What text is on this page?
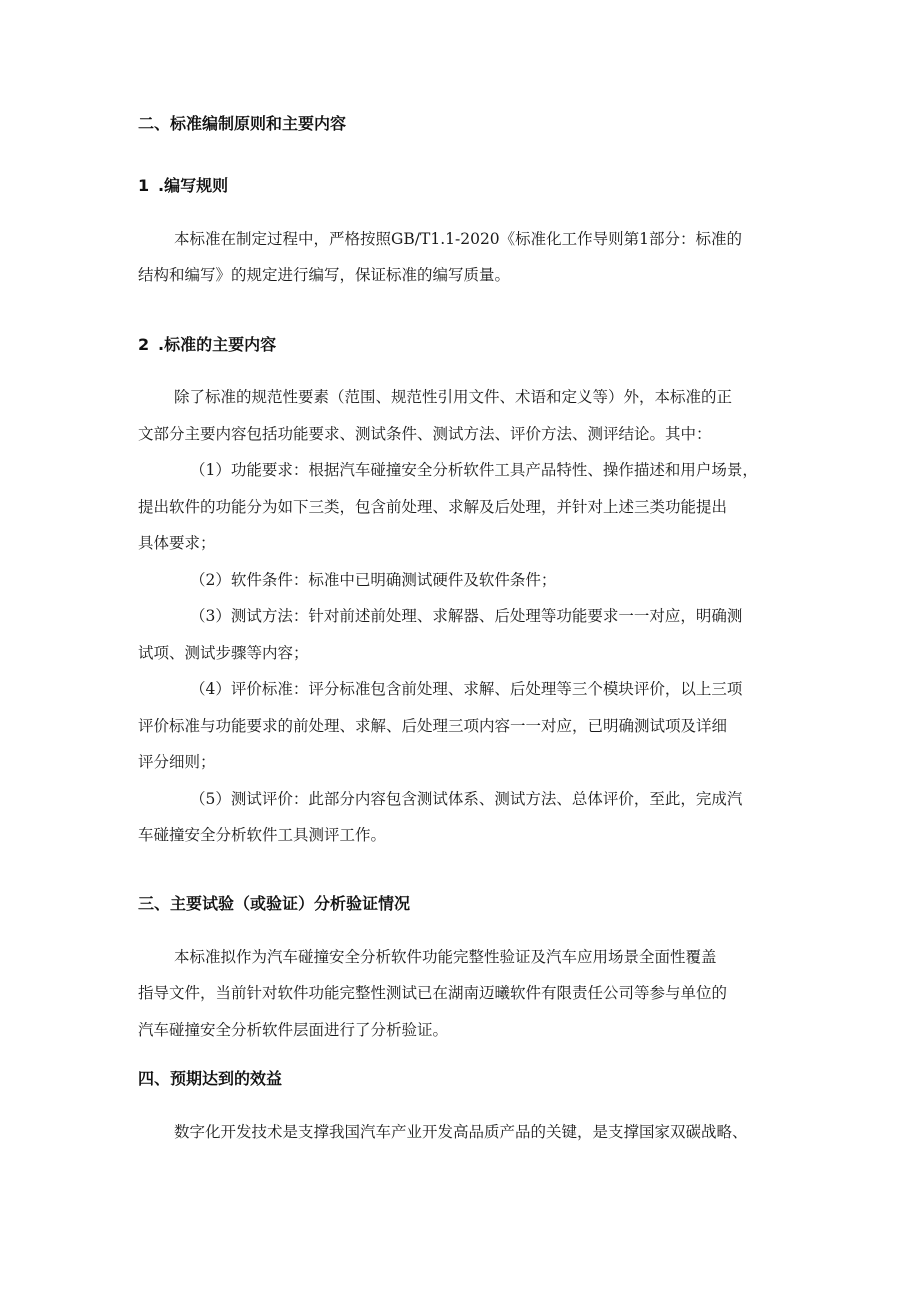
二、标准编制原则和主要内容
1 .编写规则
本标准在制定过程中，严格按照GB/T1.1-2020《标准化工作导则第1部分：标准的
结构和编写》的规定进行编写，保证标准的编写质量。
2 .标准的主要内容
除了标准的规范性要素（范围、规范性引用文件、术语和定义等）外，本标准的正
文部分主要内容包括功能要求、测试条件、测试方法、评价方法、测评结论。其中：
（1）功能要求：根据汽车碰撞安全分析软件工具产品特性、操作描述和用户场景，
提出软件的功能分为如下三类，包含前处理、求解及后处理，并针对上述三类功能提出
具体要求；
（2）软件条件：标准中已明确测试硬件及软件条件；
（3）测试方法：针对前述前处理、求解器、后处理等功能要求一一对应，明确测
试项、测试步骤等内容；
（4）评价标准：评分标准包含前处理、求解、后处理等三个模块评价，以上三项
评价标准与功能要求的前处理、求解、后处理三项内容一一对应，已明确测试项及详细
评分细则；
（5）测试评价：此部分内容包含测试体系、测试方法、总体评价，至此，完成汽
车碰撞安全分析软件工具测评工作。
三、主要试验（或验证）分析验证情况
本标准拟作为汽车碰撞安全分析软件功能完整性验证及汽车应用场景全面性覆盖
指导文件，当前针对软件功能完整性测试已在湖南迈曦软件有限责任公司等参与单位的
汽车碰撞安全分析软件层面进行了分析验证。
四、预期达到的效益
数字化开发技术是支撑我国汽车产业开发高品质产品的关键，是支撑国家双碳战略、
